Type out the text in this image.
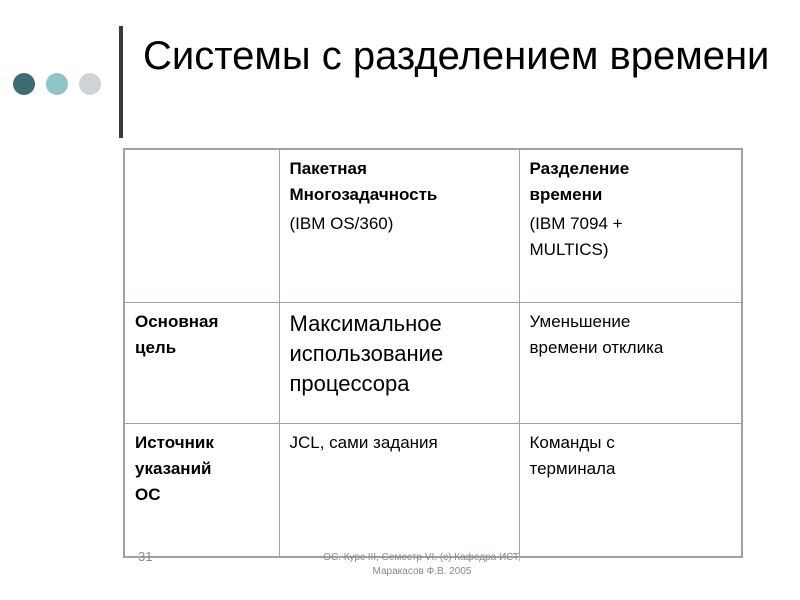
Системы с разделением времени

	Пакетная
Многозадачность
(IBM OS/360)	Разделение
времени
(IBM 7094 +
MULTICS)

Основная
цель	Максимальное
использование
процессора	Уменьшение
времени отклика

Источник
указаний
ОС	JCL, сами задания	Команды с
терминала
31	ОС. Курс III, Семестр VI. (c) Кафедра ИСТ,
Маракасов Ф.В. 2005
